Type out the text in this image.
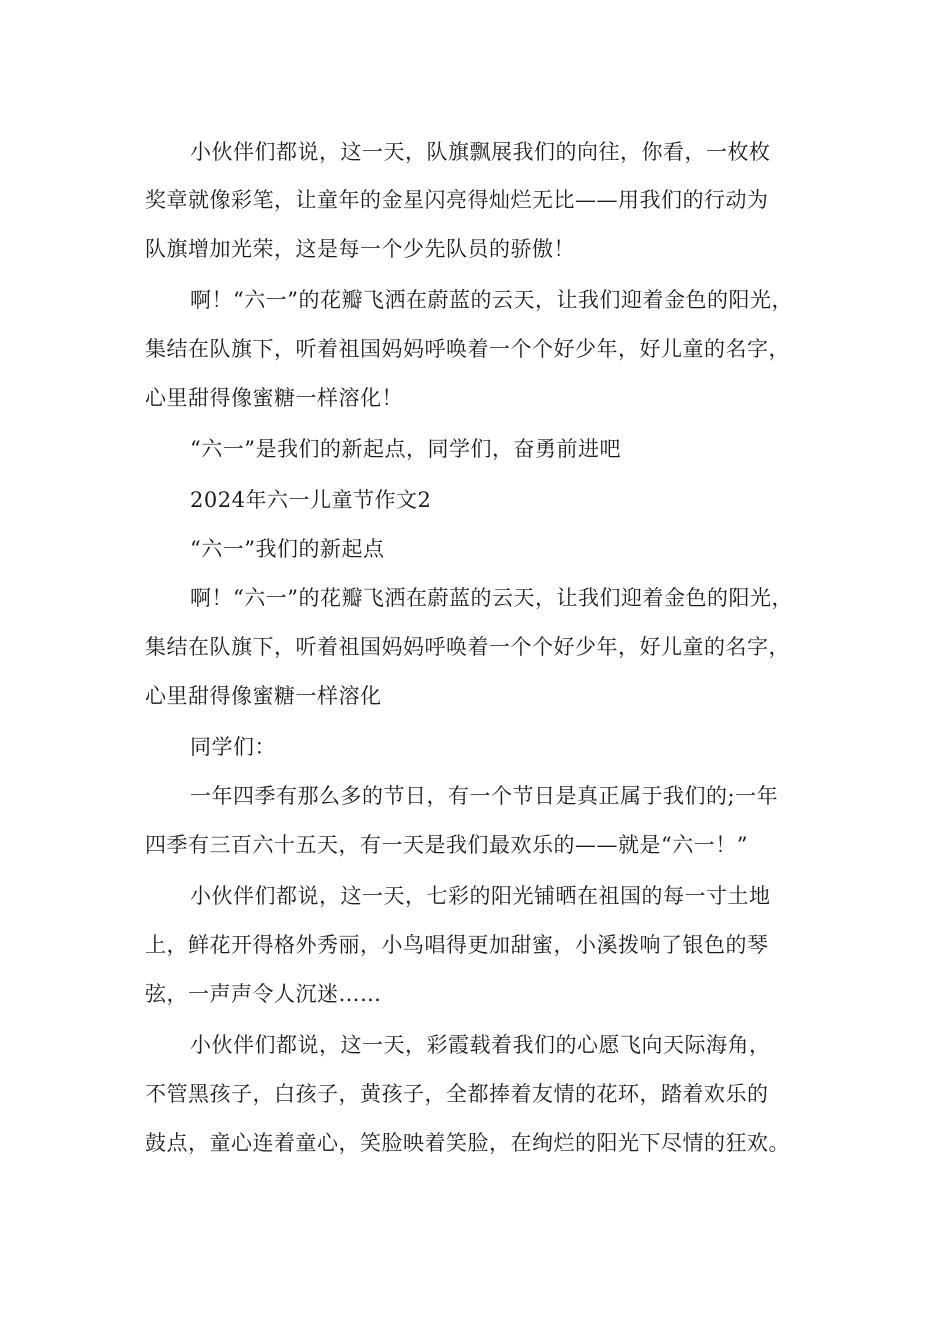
小伙伴们都说，这一天，队旗飘展我们的向往，你看，一枚枚
奖章就像彩笔，让童年的金星闪亮得灿烂无比——用我们的行动为
队旗增加光荣，这是每一个少先队员的骄傲！
啊！“六一”的花瓣飞洒在蔚蓝的云天，让我们迎着金色的阳光，
集结在队旗下，听着祖国妈妈呼唤着一个个好少年，好儿童的名字，
心里甜得像蜜糖一样溶化！
“六一”是我们的新起点，同学们，奋勇前进吧
2024年六一儿童节作文2
“六一”我们的新起点
啊！“六一”的花瓣飞洒在蔚蓝的云天，让我们迎着金色的阳光，
集结在队旗下，听着祖国妈妈呼唤着一个个好少年，好儿童的名字，
心里甜得像蜜糖一样溶化
同学们：
一年四季有那么多的节日，有一个节日是真正属于我们的;一年
四季有三百六十五天，有一天是我们最欢乐的——就是“六一！”
小伙伴们都说，这一天，七彩的阳光铺晒在祖国的每一寸土地
上，鲜花开得格外秀丽，小鸟唱得更加甜蜜，小溪拨响了银色的琴
弦，一声声令人沉迷……
小伙伴们都说，这一天，彩霞载着我们的心愿飞向天际海角，
不管黑孩子，白孩子，黄孩子，全都捧着友情的花环，踏着欢乐的
鼓点，童心连着童心，笑脸映着笑脸，在绚烂的阳光下尽情的狂欢。
